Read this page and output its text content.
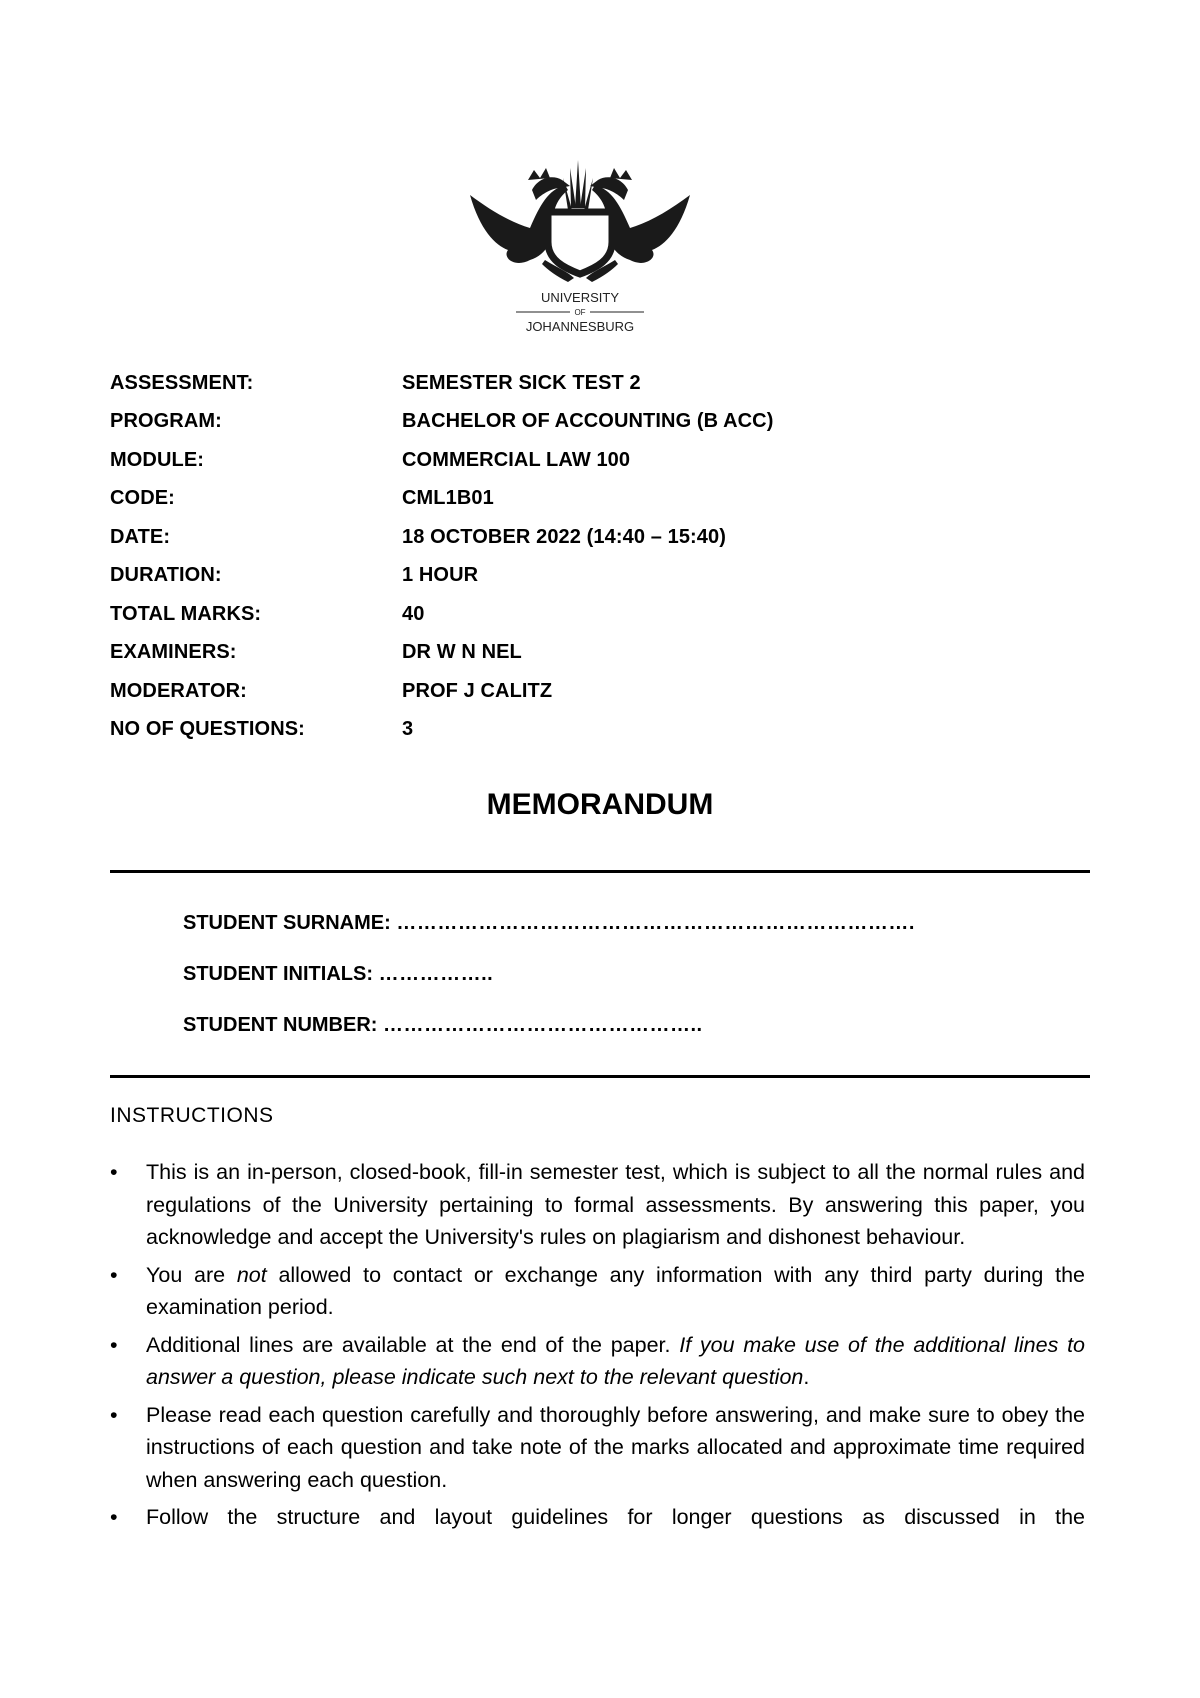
UNIVERSITY
OF
JOHANNESBURG
ASSESSMENT:	SEMESTER SICK TEST 2
PROGRAM:	BACHELOR OF ACCOUNTING (B ACC)
MODULE:	COMMERCIAL LAW 100
CODE:	CML1B01
DATE:	18 OCTOBER 2022 (14:40 – 15:40)
DURATION:	1 HOUR
TOTAL MARKS:	40
EXAMINERS:	DR W N NEL
MODERATOR:	PROF J CALITZ
NO OF QUESTIONS:	3
MEMORANDUM
STUDENT SURNAME: ………………………………………………………………….
STUDENT INITIALS: ……………..
STUDENT NUMBER: ………………………………………..
INSTRUCTIONS
•	This is an in-person, closed-book, fill-in semester test, which is subject to all the normal rules and regulations of the University pertaining to formal assessments. By answering this paper, you acknowledge and accept the University's rules on plagiarism and dishonest behaviour.
•	You are not allowed to contact or exchange any information with any third party during the examination period.
•	Additional lines are available at the end of the paper. If you make use of the additional lines to answer a question, please indicate such next to the relevant question.
•	Please read each question carefully and thoroughly before answering, and make sure to obey the instructions of each question and take note of the marks allocated and approximate time required when answering each question.
•	Follow the structure and layout guidelines for longer questions as discussed in the
